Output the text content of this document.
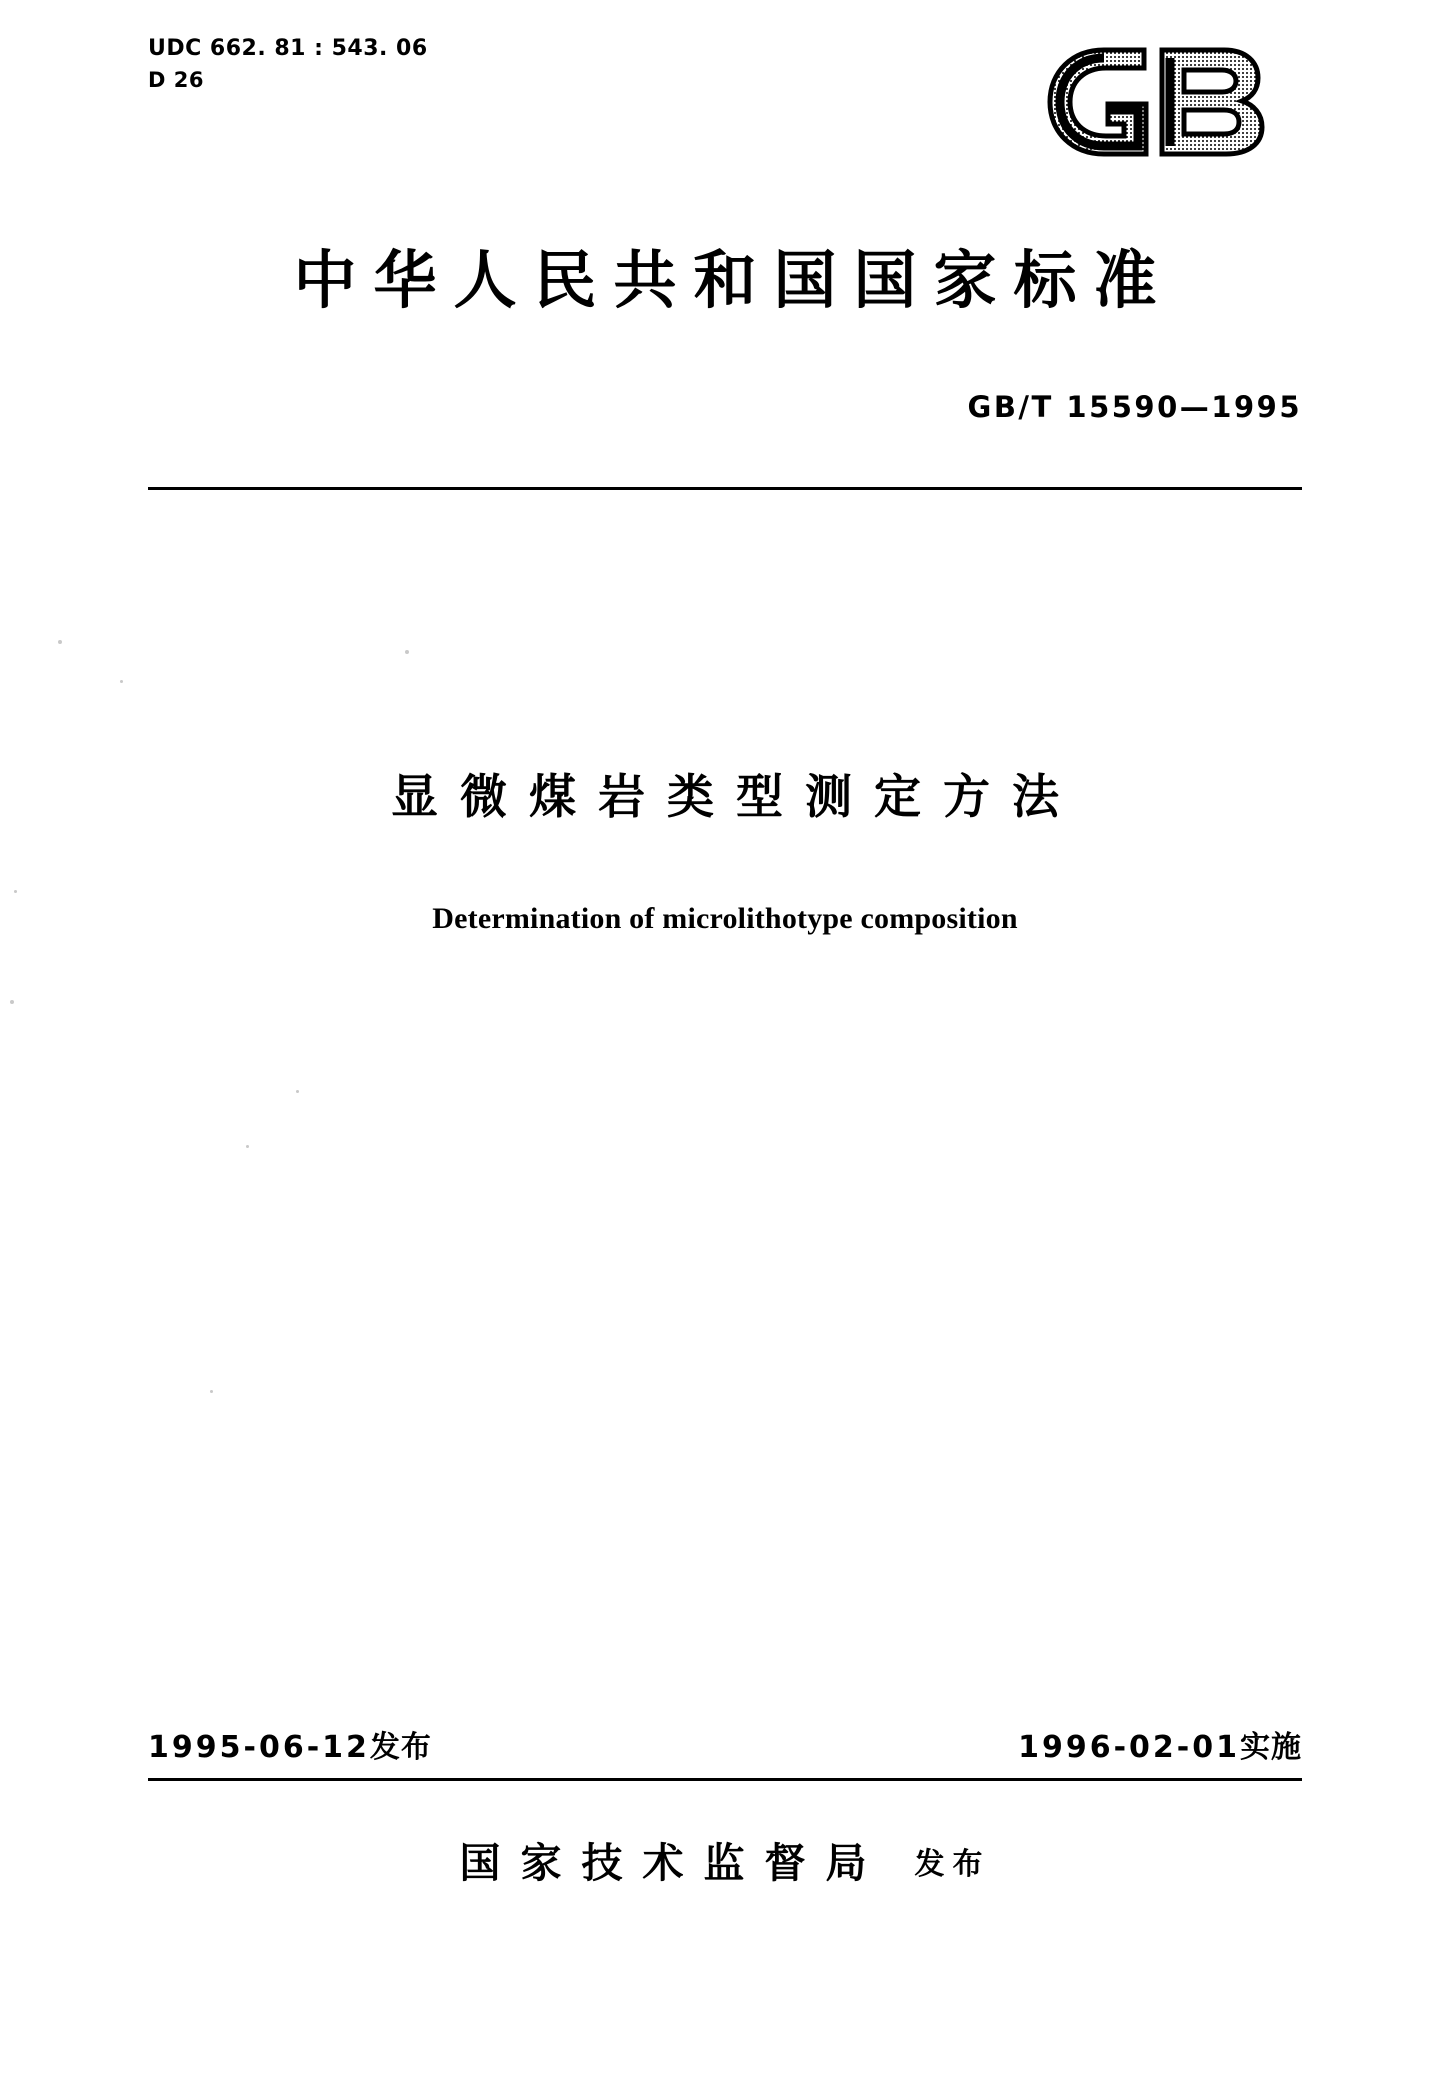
UDC 662. 81 : 543. 06
D 26
中华人民共和国国家标准
GB/T 15590—1995
显微煤岩类型测定方法
Determination of microlithotype composition
1995-06-12发布	1996-02-01实施
国家技术监督局 发布
